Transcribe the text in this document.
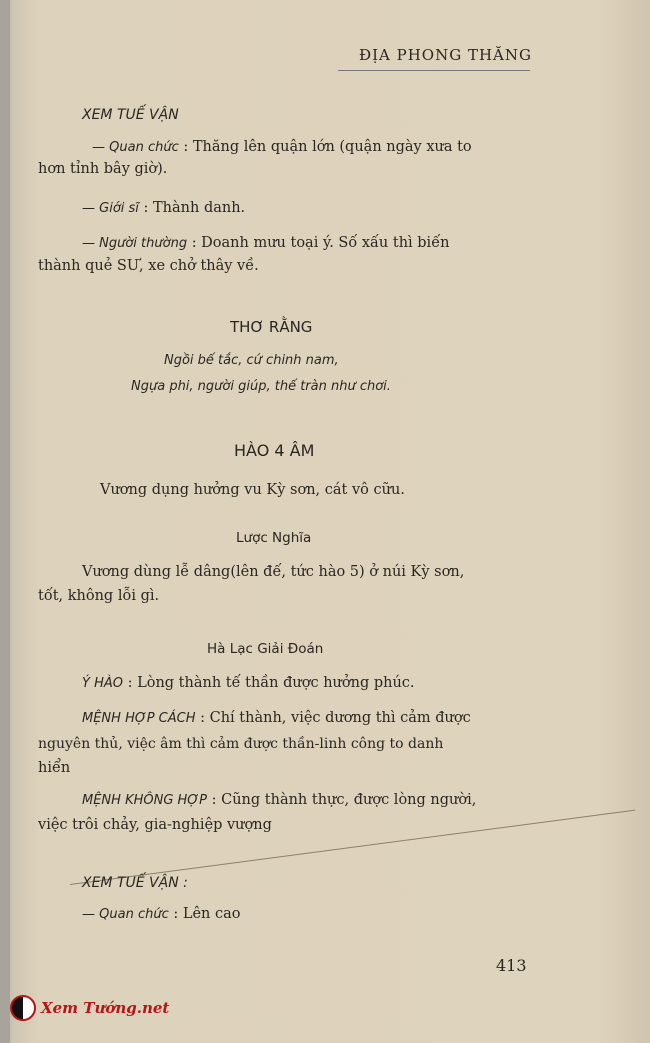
ĐỊA PHONG THĂNG
XEM TUẾ VẬN
— Quan chức : Thăng lên quận lớn (quận ngày xưa to
hơn tỉnh bây giờ).
— Giới sĩ : Thành danh.
— Người thường : Doanh mưu toại ý. Số xấu thì biến
thành quẻ SƯ, xe chở thây về.
THƠ RẰNG
Ngồi bế tắc, cứ chinh nam,
Ngựa phi, người giúp, thế tràn như chơi.
HÀO 4 ÂM
Vương dụng hưởng vu Kỳ sơn, cát vô cữu.
Lược Nghĩa
Vương dùng lễ dâng(lên đế, tức hào 5) ở núi Kỳ sơn,
tốt, không lỗi gì.
Hà Lạc Giải Đoán
Ý HÀO : Lòng thành tế thần được hưởng phúc.
MỆNH HỢP CÁCH : Chí thành, việc dương thì cảm được
nguyên thủ, việc âm thì cảm được thần-linh công to danh
hiển
MỆNH KHÔNG HỢP : Cũng thành thực, được lòng người,
việc trôi chảy, gia-nghiệp vượng
XEM TUẾ VẬN :
— Quan chức : Lên cao
413
Xem Tướng.net
